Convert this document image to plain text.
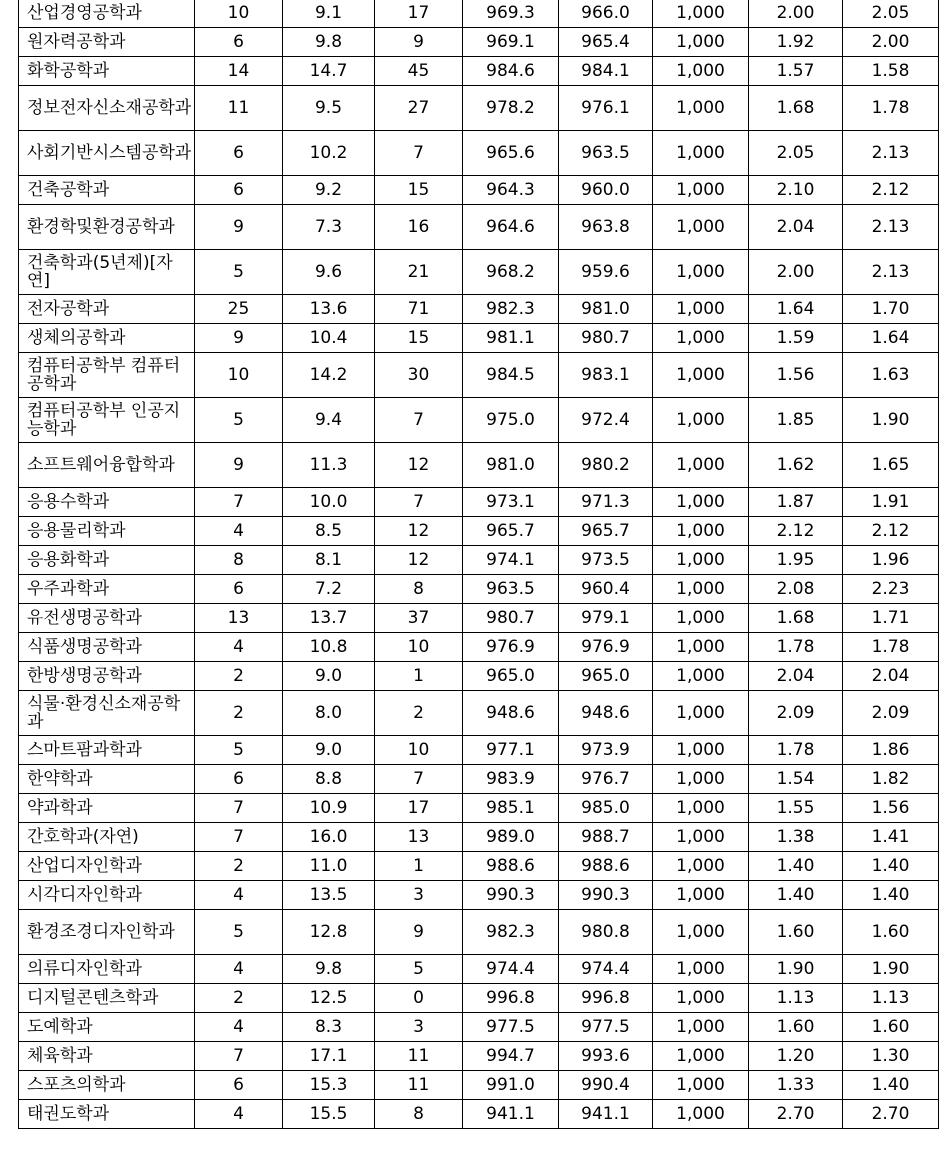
산업경영공학과	10	9.1	17	969.3	966.0	1,000	2.00	2.05
원자력공학과	6	9.8	9	969.1	965.4	1,000	1.92	2.00
화학공학과	14	14.7	45	984.6	984.1	1,000	1.57	1.58
정보전자신소재공학과	11	9.5	27	978.2	976.1	1,000	1.68	1.78
사회기반시스템공학과	6	10.2	7	965.6	963.5	1,000	2.05	2.13
건축공학과	6	9.2	15	964.3	960.0	1,000	2.10	2.12
환경학및환경공학과	9	7.3	16	964.6	963.8	1,000	2.04	2.13
건축학과(5년제)[자연]	5	9.6	21	968.2	959.6	1,000	2.00	2.13
전자공학과	25	13.6	71	982.3	981.0	1,000	1.64	1.70
생체의공학과	9	10.4	15	981.1	980.7	1,000	1.59	1.64
컴퓨터공학부 컴퓨터공학과	10	14.2	30	984.5	983.1	1,000	1.56	1.63
컴퓨터공학부 인공지능학과	5	9.4	7	975.0	972.4	1,000	1.85	1.90
소프트웨어융합학과	9	11.3	12	981.0	980.2	1,000	1.62	1.65
응용수학과	7	10.0	7	973.1	971.3	1,000	1.87	1.91
응용물리학과	4	8.5	12	965.7	965.7	1,000	2.12	2.12
응용화학과	8	8.1	12	974.1	973.5	1,000	1.95	1.96
우주과학과	6	7.2	8	963.5	960.4	1,000	2.08	2.23
유전생명공학과	13	13.7	37	980.7	979.1	1,000	1.68	1.71
식품생명공학과	4	10.8	10	976.9	976.9	1,000	1.78	1.78
한방생명공학과	2	9.0	1	965.0	965.0	1,000	2.04	2.04
식물·환경신소재공학과	2	8.0	2	948.6	948.6	1,000	2.09	2.09
스마트팜과학과	5	9.0	10	977.1	973.9	1,000	1.78	1.86
한약학과	6	8.8	7	983.9	976.7	1,000	1.54	1.82
약과학과	7	10.9	17	985.1	985.0	1,000	1.55	1.56
간호학과(자연)	7	16.0	13	989.0	988.7	1,000	1.38	1.41
산업디자인학과	2	11.0	1	988.6	988.6	1,000	1.40	1.40
시각디자인학과	4	13.5	3	990.3	990.3	1,000	1.40	1.40
환경조경디자인학과	5	12.8	9	982.3	980.8	1,000	1.60	1.60
의류디자인학과	4	9.8	5	974.4	974.4	1,000	1.90	1.90
디지털콘텐츠학과	2	12.5	0	996.8	996.8	1,000	1.13	1.13
도예학과	4	8.3	3	977.5	977.5	1,000	1.60	1.60
체육학과	7	17.1	11	994.7	993.6	1,000	1.20	1.30
스포츠의학과	6	15.3	11	991.0	990.4	1,000	1.33	1.40
태권도학과	4	15.5	8	941.1	941.1	1,000	2.70	2.70
